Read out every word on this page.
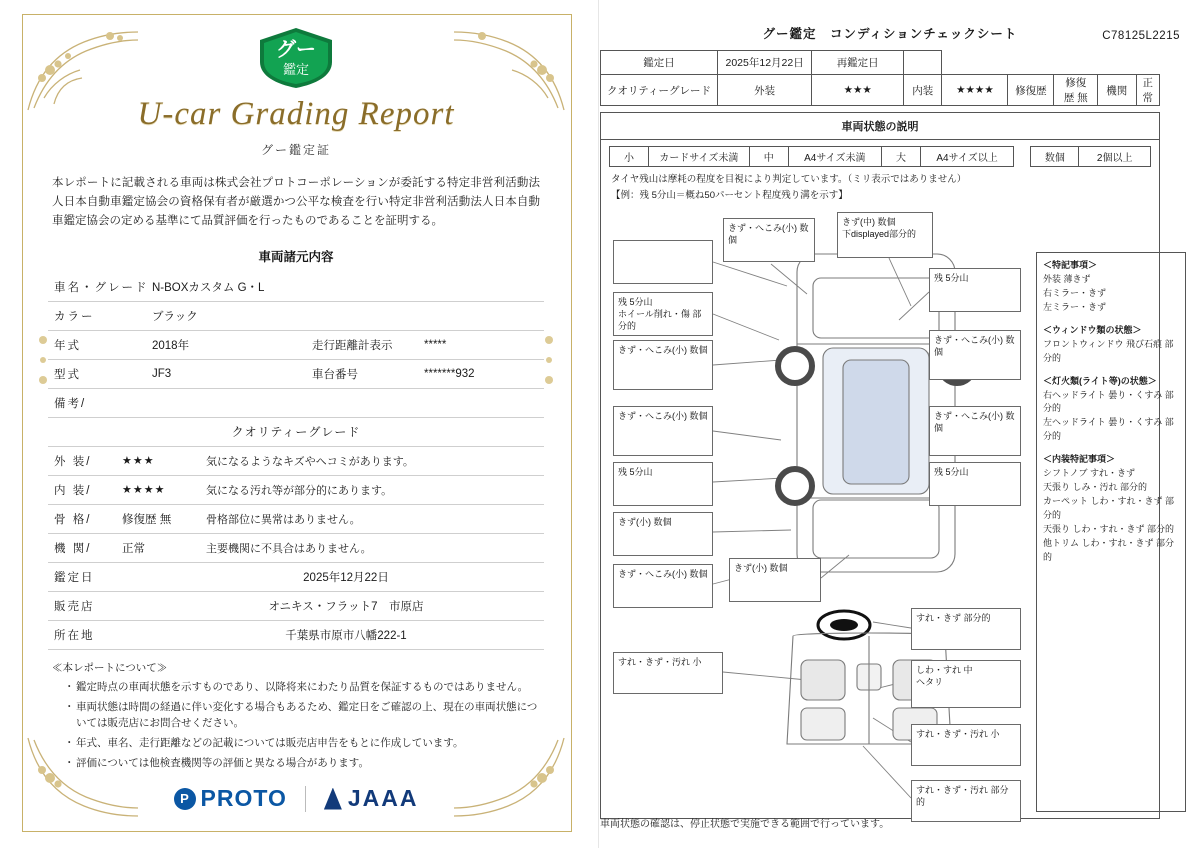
グー
鑑定
U-car Grading Report
グー鑑定証
本レポートに記載される車両は株式会社プロトコーポレーションが委託する特定非営利活動法人日本自動車鑑定協会の資格保有者が厳選かつ公平な検査を行い特定非営利活動法人日本自動車鑑定協会の定める基準にて品質評価を行ったものであることを証明する。
車両諸元内容
車名・グレード N-BOXカスタム G・L
カラー	ブラック
年式	2018年	走行距離計表示	*****
型式	JF3	車台番号	*******932
備考/
クオリティーグレード
外 装/	★★★	気になるようなキズやヘコミがあります。
内 装/	★★★★	気になる汚れ等が部分的にあります。
骨 格/	修復歴 無	骨格部位に異常はありません。
機 関/	正常	主要機関に不具合はありません。
鑑定日	2025年12月22日
販売店	オニキス・フラット7　市原店
所在地	千葉県市原市八幡222-1
≪本レポートについて≫
・ 鑑定時点の車両状態を示すものであり、以降将来にわたり品質を保証するものではありません。
・ 車両状態は時間の経過に伴い変化する場合もあるため、鑑定日をご確認の上、現在の車両状態については販売店にお問合せください。
・ 年式、車名、走行距離などの記載については販売店申告をもとに作成しています。
・ 評価については他検査機関等の評価と異なる場合があります。
P PROTO	JAAA
グー鑑定　コンディションチェックシート	C78125L2215
鑑定日	2025年12月22日	再鑑定日						
クオリティーグレード	外装	★★★	内装	★★★★	修復歴	修復歴 無	機関	正常
車両状態の説明
小	カードサイズ未満	中	A4サイズ未満	大	A4サイズ以上	数個	2個以上
タイヤ残山は摩耗の程度を目視により判定しています。（ミリ表示ではありません）
【例：残 5分山＝概ね50パーセント程度残り溝を示す】
きず・へこみ(小) 数個
きず(中) 数個
下displayed部分的
残 5分山
ホイール削れ・傷 部分的
残 5分山
きず・へこみ(小) 数個
きず・へこみ(小) 数個
きず・へこみ(小) 数個	きず・へこみ(小) 数個
残 5分山	残 5分山
きず(小) 数個
きず・へこみ(小) 数個
きず(小) 数個
すれ・きず 部分的
すれ・きず・汚れ 小
しわ・すれ 中
ヘタリ
すれ・きず・汚れ 小
すれ・きず・汚れ 部分的
＜特記事項＞
外装 薄きず
右ミラー・きず
左ミラー・きず
＜ウィンドウ類の状態＞
フロントウィンドウ 飛び石痕 部分的
＜灯火類(ライト等)の状態＞
右ヘッドライト 曇り・くすみ 部分的
左ヘッドライト 曇り・くすみ 部分的
＜内装特記事項＞
シフトノブ すれ・きず
天張り しみ・汚れ 部分的
カーペット しわ・すれ・きず 部分的
天張り しわ・すれ・きず 部分的
他トリム しわ・すれ・きず 部分的
車両状態の確認は、停止状態で実施できる範囲で行っています。
